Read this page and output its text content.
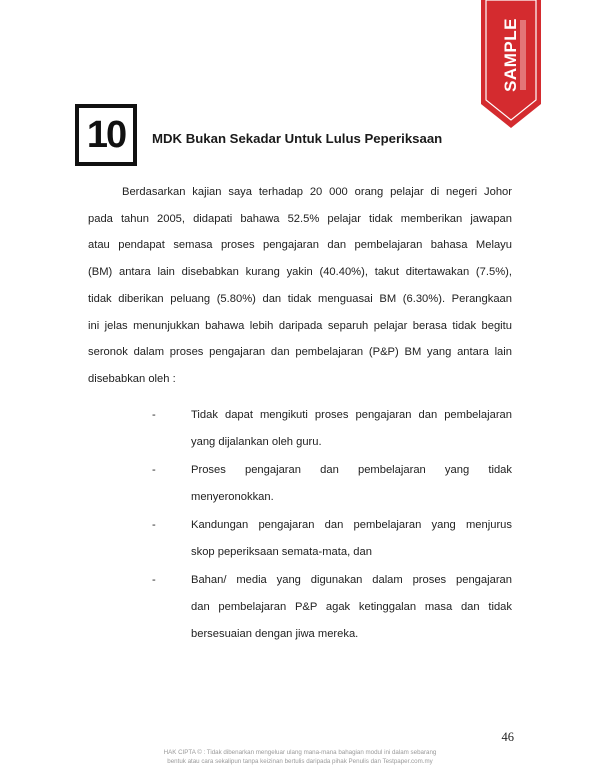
SAMPLE
10 MDK Bukan Sekadar Untuk Lulus Peperiksaan
Berdasarkan kajian saya terhadap 20 000 orang pelajar di negeri Johor
pada tahun 2005, didapati bahawa 52.5% pelajar tidak memberikan jawapan
atau pendapat semasa proses pengajaran dan pembelajaran bahasa Melayu
(BM) antara lain disebabkan kurang yakin (40.40%), takut ditertawakan (7.5%),
tidak diberikan peluang (5.80%) dan tidak menguasai BM (6.30%). Perangkaan
ini jelas menunjukkan bahawa lebih daripada separuh pelajar berasa tidak begitu
seronok dalam proses pengajaran dan pembelajaran (P&P) BM yang antara lain
disebabkan oleh :
-	Tidak dapat mengikuti proses pengajaran dan pembelajaran
yang dijalankan oleh guru.
-	Proses pengajaran dan pembelajaran yang tidak
menyeronokkan.
-	Kandungan pengajaran dan pembelajaran yang menjurus
skop peperiksaan semata-mata, dan
-	Bahan/ media yang digunakan dalam proses pengajaran
dan pembelajaran P&P agak ketinggalan masa dan tidak
bersesuaian dengan jiwa mereka.
46
HAK CIPTA © : Tidak dibenarkan mengeluar ulang mana-mana bahagian modul ini dalam sebarang
bentuk atau cara sekalipun tanpa keizinan bertulis daripada pihak Penulis dan Testpaper.com.my
